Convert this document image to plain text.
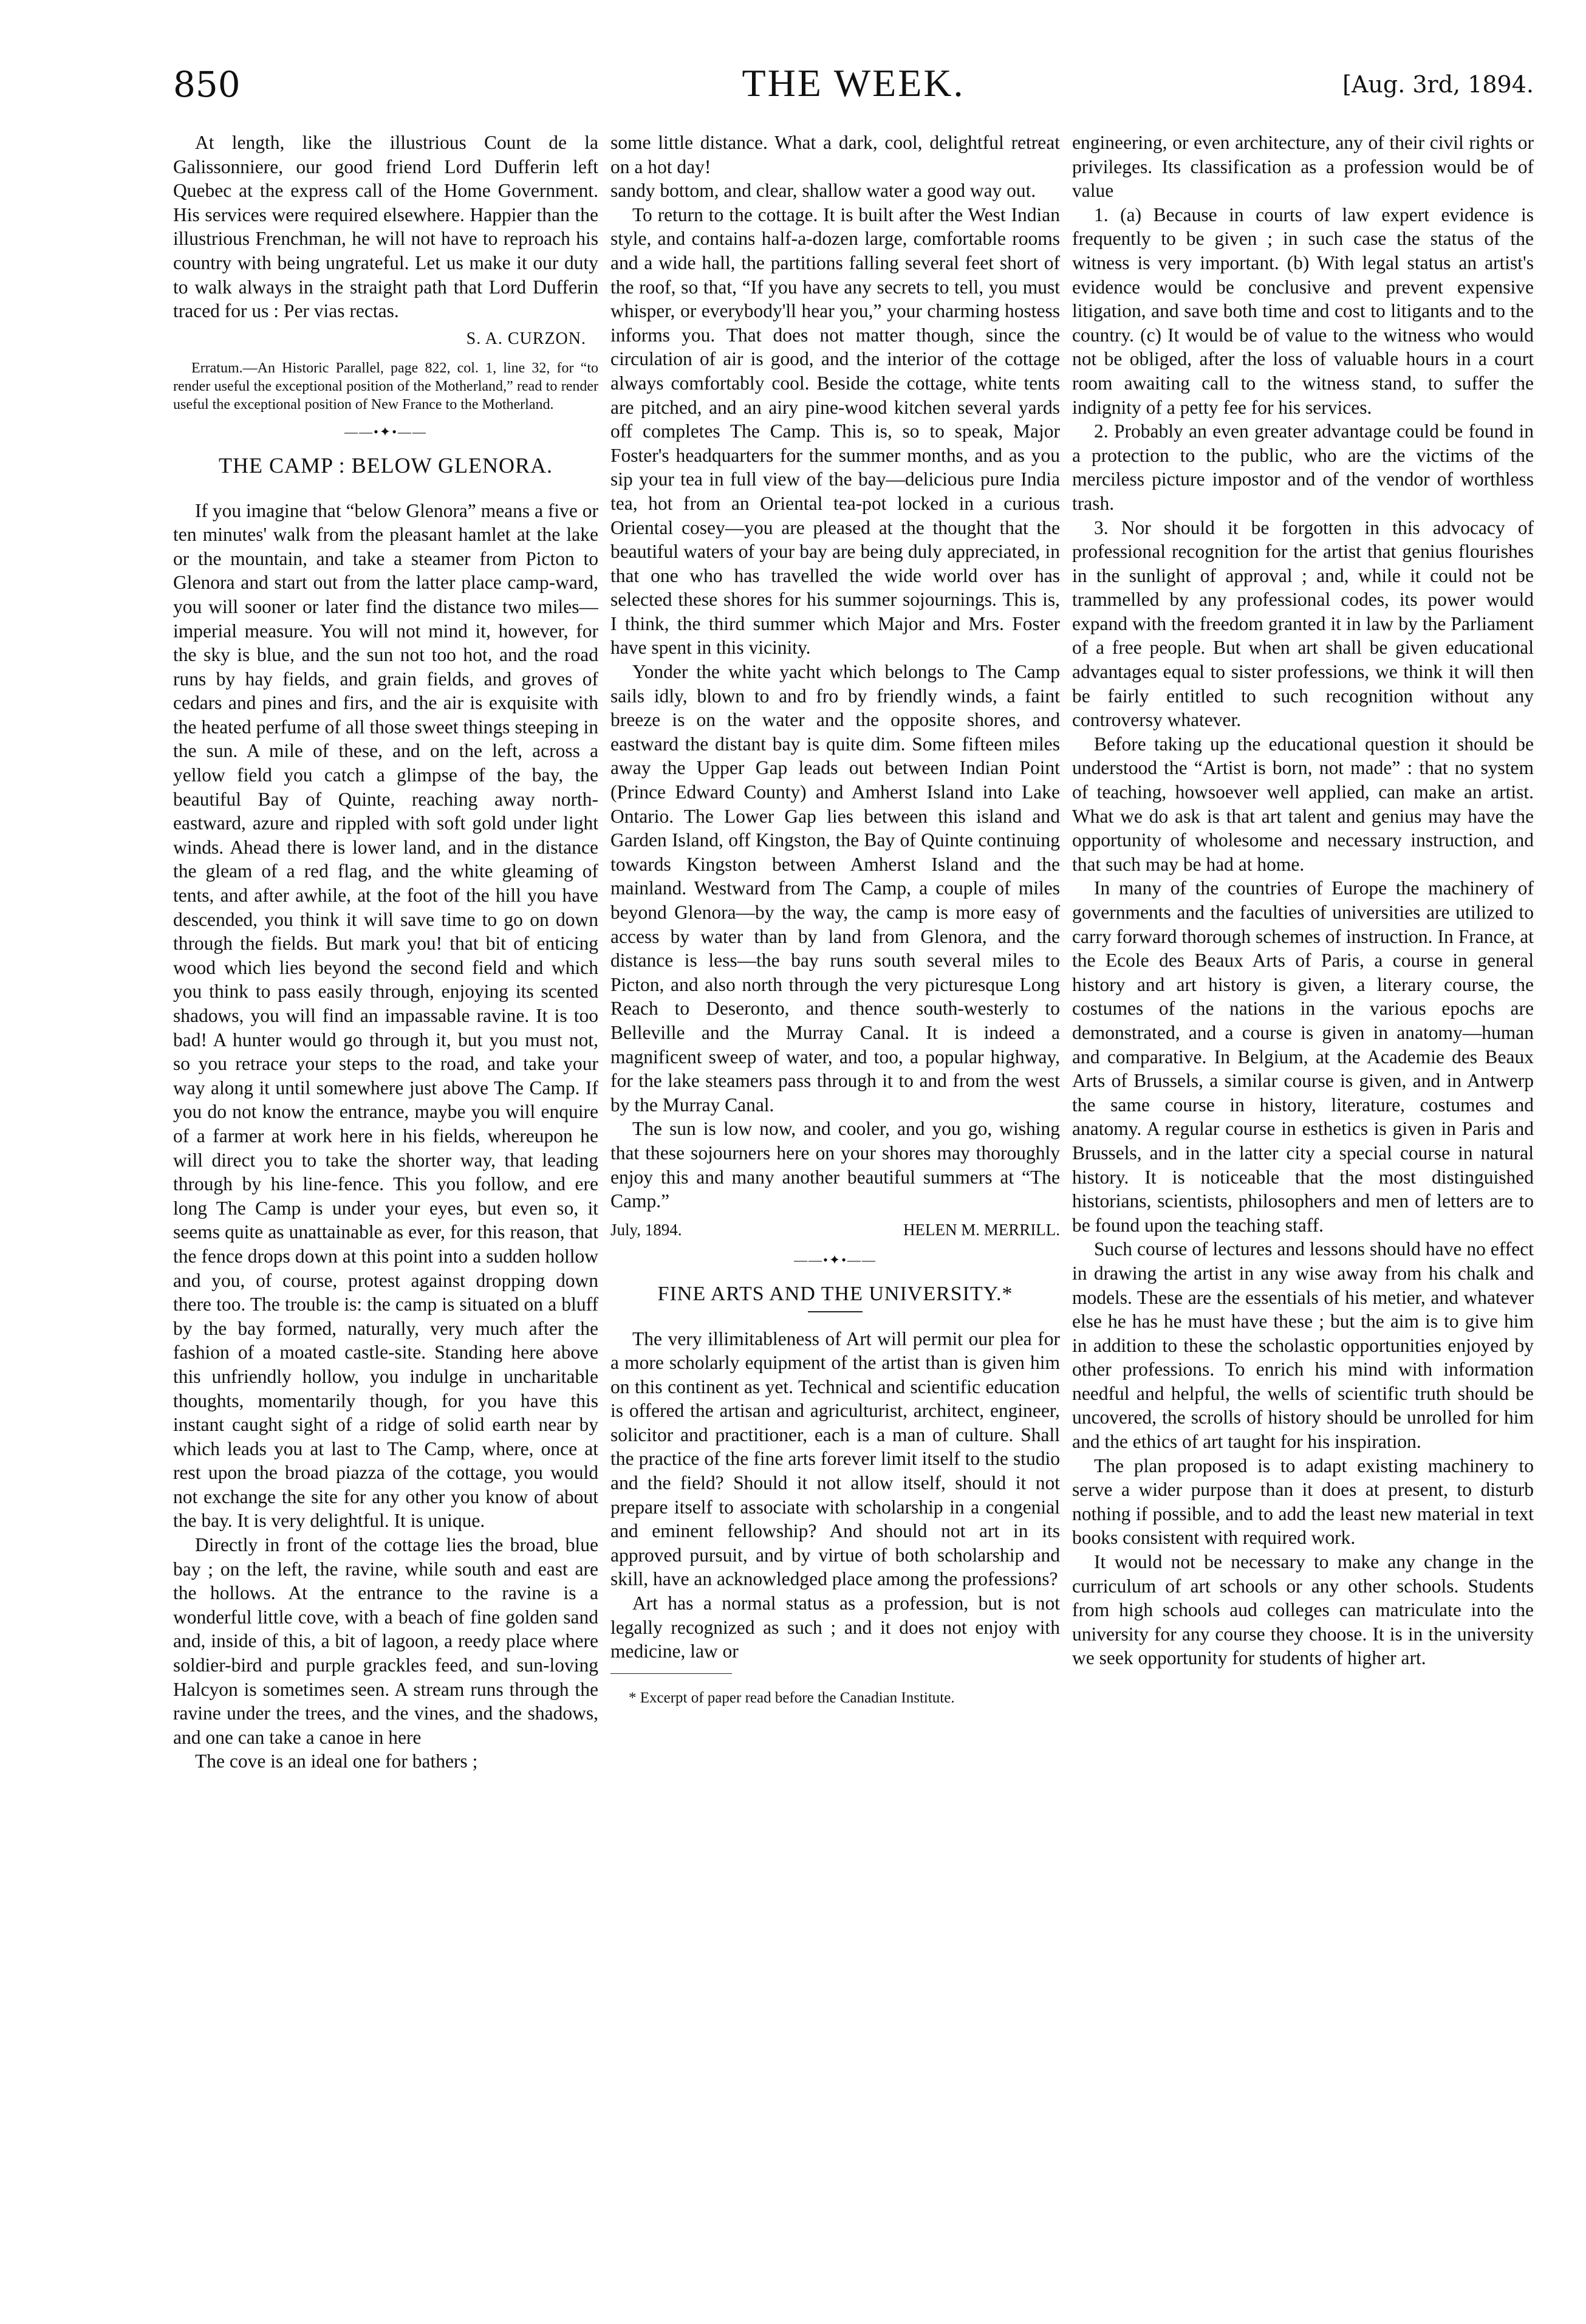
850	THE WEEK.	[Aug. 3rd, 1894.

At length, like the illustrious Count de la Galissonniere, our good friend Lord Dufferin left Quebec at the express call of the Home Government. His services were required elsewhere. Happier than the illustrious Frenchman, he will not have to reproach his country with being ungrateful. Let us make it our duty to walk always in the straight path that Lord Dufferin traced for us : Per vias rectas.

S. A. CURZON.

Erratum.—An Historic Parallel, page 822, col. 1, line 32, for “to render useful the exceptional position of the Motherland,” read to render useful the exceptional position of New France to the Motherland.

——•✦•——
THE CAMP : BELOW GLENORA.

If you imagine that “below Glenora” means a five or ten minutes' walk from the pleasant hamlet at the lake or the mountain, and take a steamer from Picton to Glenora and start out from the latter place camp-ward, you will sooner or later find the distance two miles—imperial measure. You will not mind it, however, for the sky is blue, and the sun not too hot, and the road runs by hay fields, and grain fields, and groves of cedars and pines and firs, and the air is exquisite with the heated perfume of all those sweet things steeping in the sun. A mile of these, and on the left, across a yellow field you catch a glimpse of the bay, the beautiful Bay of Quinte, reaching away north-eastward, azure and rippled with soft gold under light winds. Ahead there is lower land, and in the distance the gleam of a red flag, and the white gleaming of tents, and after awhile, at the foot of the hill you have descended, you think it will save time to go on down through the fields. But mark you! that bit of enticing wood which lies beyond the second field and which you think to pass easily through, enjoying its scented shadows, you will find an impassable ravine. It is too bad! A hunter would go through it, but you must not, so you retrace your steps to the road, and take your way along it until somewhere just above The Camp. If you do not know the entrance, maybe you will enquire of a farmer at work here in his fields, whereupon he will direct you to take the shorter way, that leading through by his line-fence. This you follow, and ere long The Camp is under your eyes, but even so, it seems quite as unattainable as ever, for this reason, that the fence drops down at this point into a sudden hollow and you, of course, protest against dropping down there too. The trouble is: the camp is situated on a bluff by the bay formed, naturally, very much after the fashion of a moated castle-site. Standing here above this unfriendly hollow, you indulge in uncharitable thoughts, momentarily though, for you have this instant caught sight of a ridge of solid earth near by which leads you at last to The Camp, where, once at rest upon the broad piazza of the cottage, you would not exchange the site for any other you know of about the bay. It is very delightful. It is unique.

Directly in front of the cottage lies the broad, blue bay ; on the left, the ravine, while south and east are the hollows. At the entrance to the ravine is a wonderful little cove, with a beach of fine golden sand and, inside of this, a bit of lagoon, a reedy place where soldier-bird and purple grackles feed, and sun-loving Halcyon is sometimes seen. A stream runs through the ravine under the trees, and the vines, and the shadows, and one can take a canoe in here

The cove is an ideal one for bathers ;

some little distance. What a dark, cool, delightful retreat on a hot day!

sandy bottom, and clear, shallow water a good way out.

To return to the cottage. It is built after the West Indian style, and contains half-a-dozen large, comfortable rooms and a wide hall, the partitions falling several feet short of the roof, so that, “If you have any secrets to tell, you must whisper, or everybody'll hear you,” your charming hostess informs you. That does not matter though, since the circulation of air is good, and the interior of the cottage always comfortably cool. Beside the cottage, white tents are pitched, and an airy pine-wood kitchen several yards off completes The Camp. This is, so to speak, Major Foster's headquarters for the summer months, and as you sip your tea in full view of the bay—delicious pure India tea, hot from an Oriental tea-pot locked in a curious Oriental cosey—you are pleased at the thought that the beautiful waters of your bay are being duly appreciated, in that one who has travelled the wide world over has selected these shores for his summer sojournings. This is, I think, the third summer which Major and Mrs. Foster have spent in this vicinity.

Yonder the white yacht which belongs to The Camp sails idly, blown to and fro by friendly winds, a faint breeze is on the water and the opposite shores, and eastward the distant bay is quite dim. Some fifteen miles away the Upper Gap leads out between Indian Point (Prince Edward County) and Amherst Island into Lake Ontario. The Lower Gap lies between this island and Garden Island, off Kingston, the Bay of Quinte continuing towards Kingston between Amherst Island and the mainland. Westward from The Camp, a couple of miles beyond Glenora—by the way, the camp is more easy of access by water than by land from Glenora, and the distance is less—the bay runs south several miles to Picton, and also north through the very picturesque Long Reach to Deseronto, and thence south-westerly to Belleville and the Murray Canal. It is indeed a magnificent sweep of water, and too, a popular highway, for the lake steamers pass through it to and from the west by the Murray Canal.

The sun is low now, and cooler, and you go, wishing that these sojourners here on your shores may thoroughly enjoy this and many another beautiful summers at “The Camp.”

July, 1894.	HELEN M. MERRILL.
——•✦•——
FINE ARTS AND THE UNIVERSITY.*

The very illimitableness of Art will permit our plea for a more scholarly equipment of the artist than is given him on this continent as yet. Technical and scientific education is offered the artisan and agriculturist, architect, engineer, solicitor and practitioner, each is a man of culture. Shall the practice of the fine arts forever limit itself to the studio and the field? Should it not allow itself, should it not prepare itself to associate with scholarship in a congenial and eminent fellowship? And should not art in its approved pursuit, and by virtue of both scholarship and skill, have an acknowledged place among the professions?

Art has a normal status as a profession, but is not legally recognized as such ; and it does not enjoy with medicine, law or

* Excerpt of paper read before the Canadian Institute.

engineering, or even architecture, any of their civil rights or privileges. Its classification as a profession would be of value

1. (a) Because in courts of law expert evidence is frequently to be given ; in such case the status of the witness is very important. (b) With legal status an artist's evidence would be conclusive and prevent expensive litigation, and save both time and cost to litigants and to the country. (c) It would be of value to the witness who would not be obliged, after the loss of valuable hours in a court room awaiting call to the witness stand, to suffer the indignity of a petty fee for his services.

2. Probably an even greater advantage could be found in a protection to the public, who are the victims of the merciless picture impostor and of the vendor of worthless trash.

3. Nor should it be forgotten in this advocacy of professional recognition for the artist that genius flourishes in the sunlight of approval ; and, while it could not be trammelled by any professional codes, its power would expand with the freedom granted it in law by the Parliament of a free people. But when art shall be given educational advantages equal to sister professions, we think it will then be fairly entitled to such recognition without any controversy whatever.

Before taking up the educational question it should be understood the “Artist is born, not made” : that no system of teaching, howsoever well applied, can make an artist. What we do ask is that art talent and genius may have the opportunity of wholesome and necessary instruction, and that such may be had at home.

In many of the countries of Europe the machinery of governments and the faculties of universities are utilized to carry forward thorough schemes of instruction. In France, at the Ecole des Beaux Arts of Paris, a course in general history and art history is given, a literary course, the costumes of the nations in the various epochs are demonstrated, and a course is given in anatomy—human and comparative. In Belgium, at the Academie des Beaux Arts of Brussels, a similar course is given, and in Antwerp the same course in history, literature, costumes and anatomy. A regular course in esthetics is given in Paris and Brussels, and in the latter city a special course in natural history. It is noticeable that the most distinguished historians, scientists, philosophers and men of letters are to be found upon the teaching staff.

Such course of lectures and lessons should have no effect in drawing the artist in any wise away from his chalk and models. These are the essentials of his metier, and whatever else he has he must have these ; but the aim is to give him in addition to these the scholastic opportunities enjoyed by other professions. To enrich his mind with information needful and helpful, the wells of scientific truth should be uncovered, the scrolls of history should be unrolled for him and the ethics of art taught for his inspiration.

The plan proposed is to adapt existing machinery to serve a wider purpose than it does at present, to disturb nothing if possible, and to add the least new material in text books consistent with required work.

It would not be necessary to make any change in the curriculum of art schools or any other schools. Students from high schools aud colleges can matriculate into the university for any course they choose. It is in the university we seek opportunity for students of higher art.
